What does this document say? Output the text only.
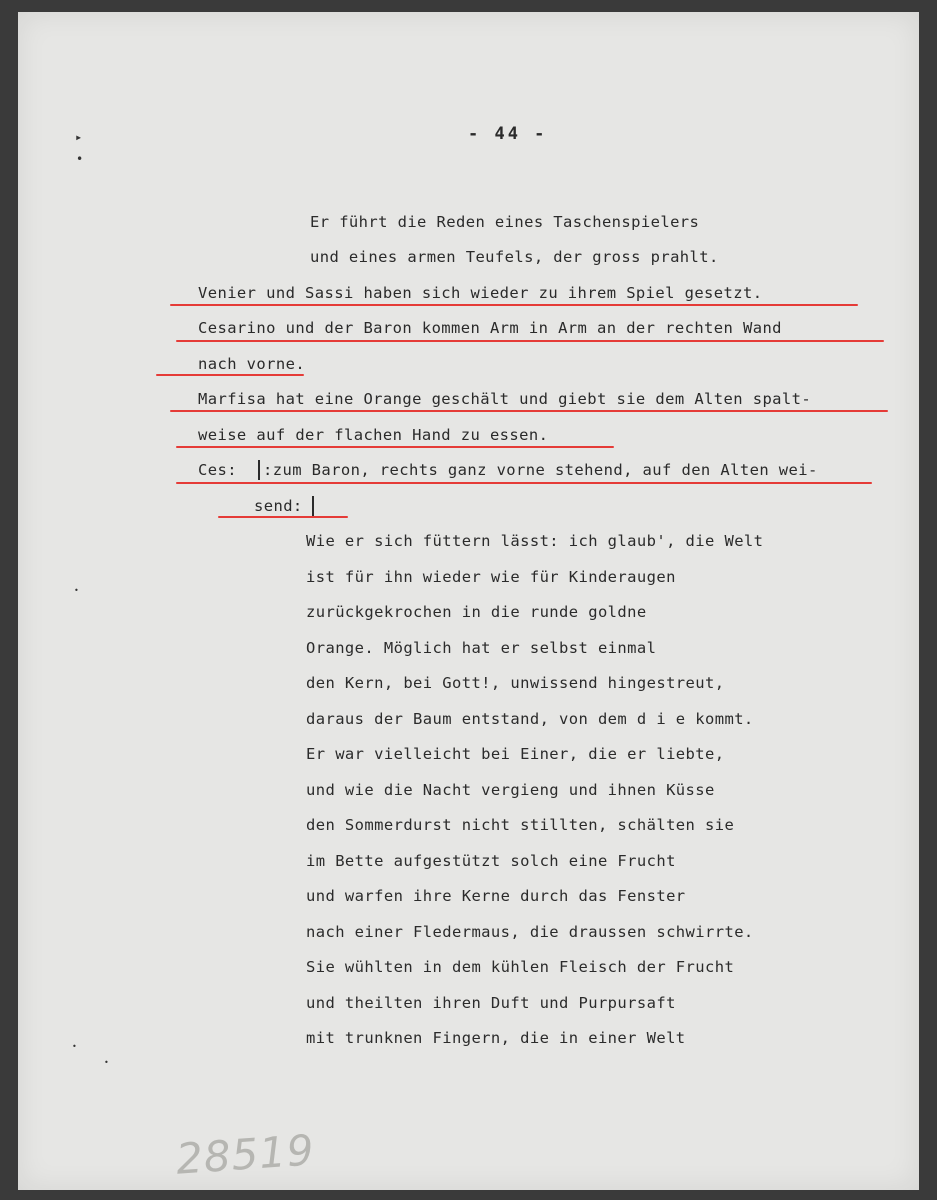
▸
•
•
•
•
- 44 -
Er führt die Reden eines Taschenspielers
und eines armen Teufels, der gross prahlt.
Venier und Sassi haben sich wieder zu ihrem Spiel gesetzt.
Cesarino und der Baron kommen Arm in Arm an der rechten Wand
nach vorne.
Marfisa hat eine Orange geschält und giebt sie dem Alten spalt-
weise auf der flachen Hand zu essen.
Ces: :zum Baron, rechts ganz vorne stehend, auf den Alten wei-
send:
Wie er sich füttern lässt: ich glaub', die Welt
ist für ihn wieder wie für Kinderaugen
zurückgekrochen in die runde goldne
Orange. Möglich hat er selbst einmal
den Kern, bei Gott!, unwissend hingestreut,
daraus der Baum entstand, von dem d i e kommt.
Er war vielleicht bei Einer, die er liebte,
und wie die Nacht vergieng und ihnen Küsse
den Sommerdurst nicht stillten, schälten sie
im Bette aufgestützt solch eine Frucht
und warfen ihre Kerne durch das Fenster
nach einer Fledermaus, die draussen schwirrte.
Sie wühlten in dem kühlen Fleisch der Frucht
und theilten ihren Duft und Purpursaft
mit trunknen Fingern, die in einer Welt
28519
